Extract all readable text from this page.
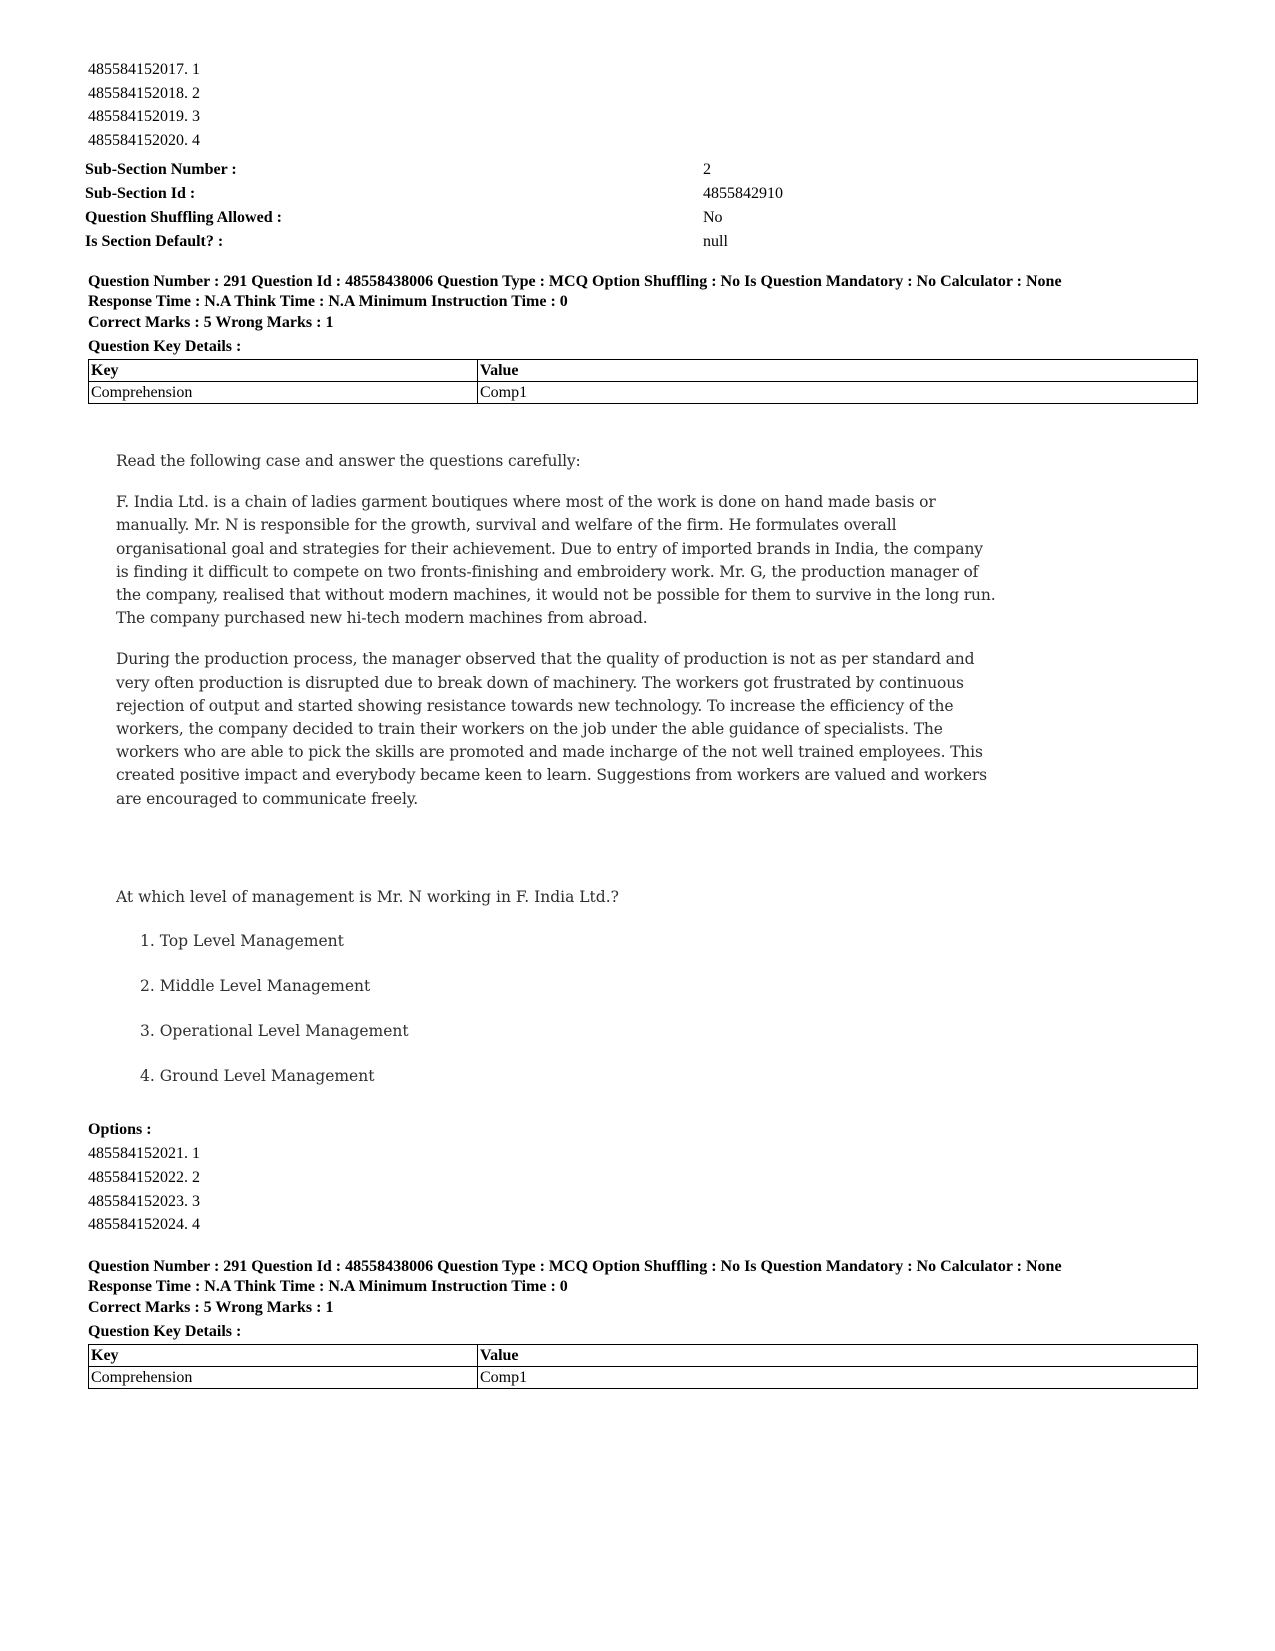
485584152017. 1
485584152018. 2
485584152019. 3
485584152020. 4
Sub-Section Number :	2
Sub-Section Id :	4855842910
Question Shuffling Allowed :	No
Is Section Default? :	null
Question Number : 291 Question Id : 48558438006 Question Type : MCQ Option Shuffling : No Is Question Mandatory : No Calculator : None
Response Time : N.A Think Time : N.A Minimum Instruction Time : 0
Correct Marks : 5 Wrong Marks : 1
Question Key Details :
Key	Value
Comprehension	Comp1

Read the following case and answer the questions carefully:

F. India Ltd. is a chain of ladies garment boutiques where most of the work is done on hand made basis or manually. Mr. N is responsible for the growth, survival and welfare of the firm. He formulates overall organisational goal and strategies for their achievement. Due to entry of imported brands in India, the company is finding it difficult to compete on two fronts-finishing and embroidery work. Mr. G, the production manager of the company, realised that without modern machines, it would not be possible for them to survive in the long run. The company purchased new hi-tech modern machines from abroad.

During the production process, the manager observed that the quality of production is not as per standard and very often production is disrupted due to break down of machinery. The workers got frustrated by continuous rejection of output and started showing resistance towards new technology. To increase the efficiency of the workers, the company decided to train their workers on the job under the able guidance of specialists. The workers who are able to pick the skills are promoted and made incharge of the not well trained employees. This created positive impact and everybody became keen to learn. Suggestions from workers are valued and workers are encouraged to communicate freely.

At which level of management is Mr. N working in F. India Ltd.?
1. Top Level Management
2. Middle Level Management
3. Operational Level Management
4. Ground Level Management
Options :
485584152021. 1
485584152022. 2
485584152023. 3
485584152024. 4
Question Number : 291 Question Id : 48558438006 Question Type : MCQ Option Shuffling : No Is Question Mandatory : No Calculator : None
Response Time : N.A Think Time : N.A Minimum Instruction Time : 0
Correct Marks : 5 Wrong Marks : 1
Question Key Details :
Key	Value
Comprehension	Comp1
